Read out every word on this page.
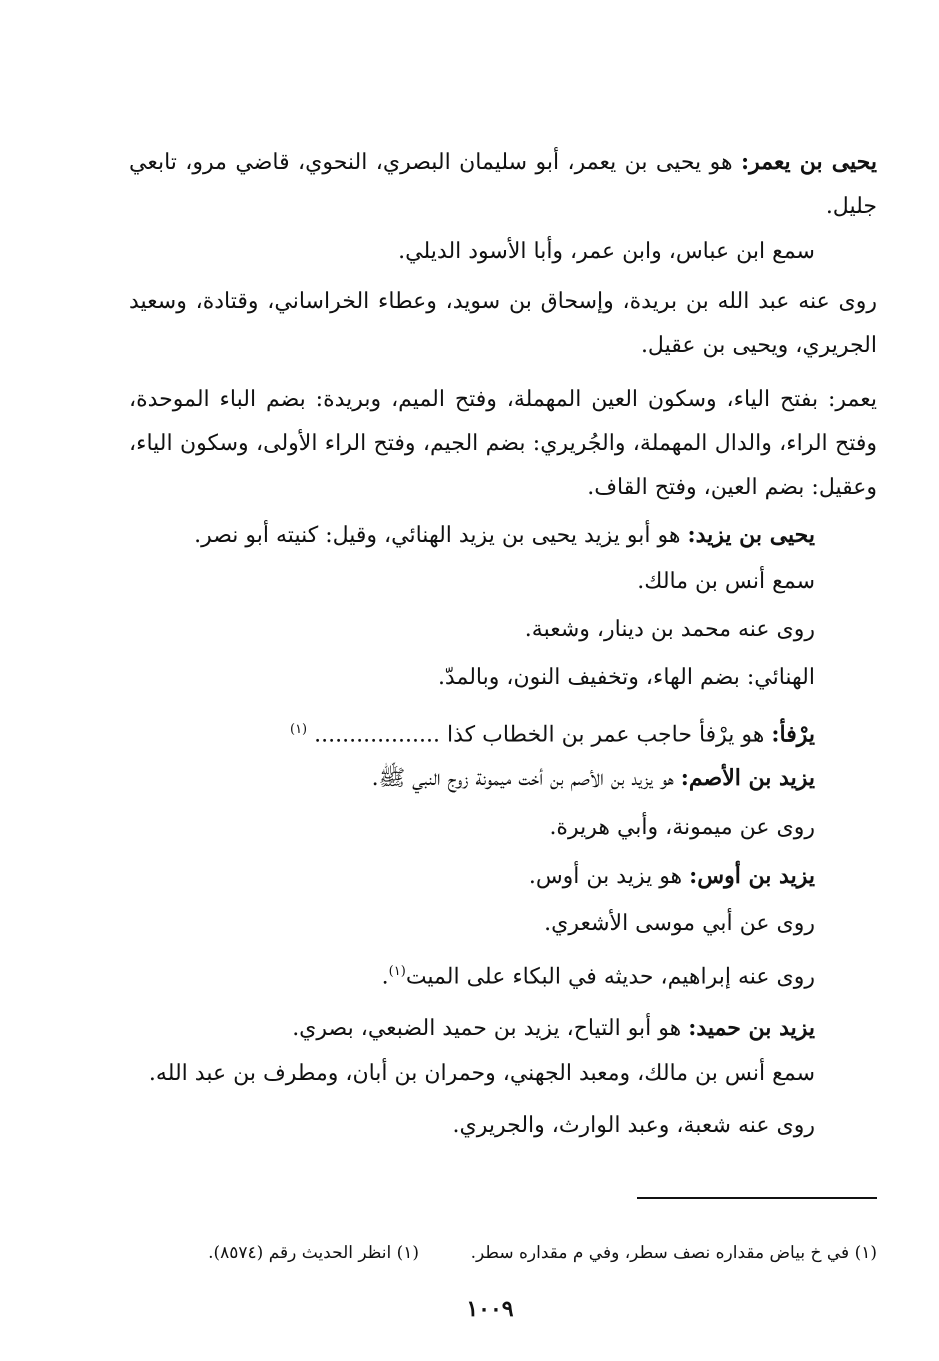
يحيى بن يعمر: هو يحيى بن يعمر، أبو سليمان البصري، النحوي، قاضي مرو، تابعي جليل.
سمع ابن عباس، وابن عمر، وأبا الأسود الديلي.
روى عنه عبد الله بن بريدة، وإسحاق بن سويد، وعطاء الخراساني، وقتادة، وسعيد الجريري، ويحيى بن عقيل.
يعمر: بفتح الياء، وسكون العين المهملة، وفتح الميم، وبريدة: بضم الباء الموحدة، وفتح الراء، والدال المهملة، والجُريري: بضم الجيم، وفتح الراء الأولى، وسكون الياء، وعقيل: بضم العين، وفتح القاف.
يحيى بن يزيد: هو أبو يزيد يحيى بن يزيد الهنائي، وقيل: كنيته أبو نصر.
سمع أنس بن مالك.
روى عنه محمد بن دينار، وشعبة.
الهنائي: بضم الهاء، وتخفيف النون، وبالمدّ.
يرْفأ: هو يرْفأ حاجب عمر بن الخطاب كذا .................. $^{(١)}$
يزيد بن الأصم: هو يزيد بن الأصم بن أخت ميمونة زوج النبي ﷺ.
روى عن ميمونة، وأبي هريرة.
يزيد بن أوس: هو يزيد بن أوس.
روى عن أبي موسى الأشعري.
روى عنه إبراهيم، حديثه في البكاء على الميت$^{(١)}$.
يزيد بن حميد: هو أبو التياح، يزيد بن حميد الضبعي، بصري.
سمع أنس بن مالك، ومعبد الجهني، وحمران بن أبان، ومطرف بن عبد الله.
روى عنه شعبة، وعبد الوارث، والجريري.
(١) في خ بياض مقداره نصف سطر، وفي م مقداره سطر.
(١) انظر الحديث رقم (٨٥٧٤).
١٠٠٩
